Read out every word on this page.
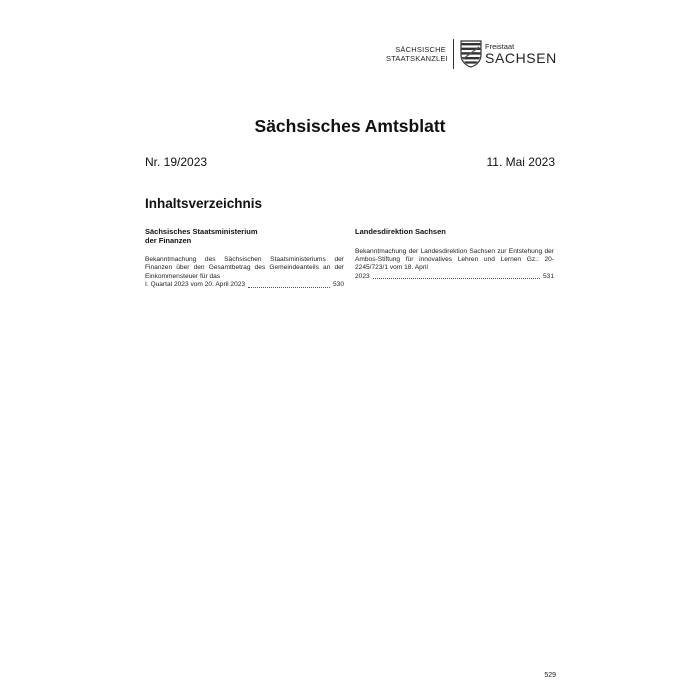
SÄCHSISCHE
STAATSKANZLEI
Freistaat
SACHSEN
Sächsisches Amtsblatt
Nr. 19/2023	11. Mai 2023
Inhaltsverzeichnis
Sächsisches Staatsministerium
der Finanzen
Bekanntmachung des Sächsischen Staatsministeriums der Finanzen über den Gesamtbetrag des Gemeindeanteils an der Einkommensteuer für das
I. Quartal 2023 vom 20. April 2023	530
Landesdirektion Sachsen
Bekanntmachung der Landesdirektion Sachsen zur Entstehung der Ambos-Stiftung für innovatives Lehren und Lernen Gz.: 20-2245/723/1 vom 18. April
2023	531
529
